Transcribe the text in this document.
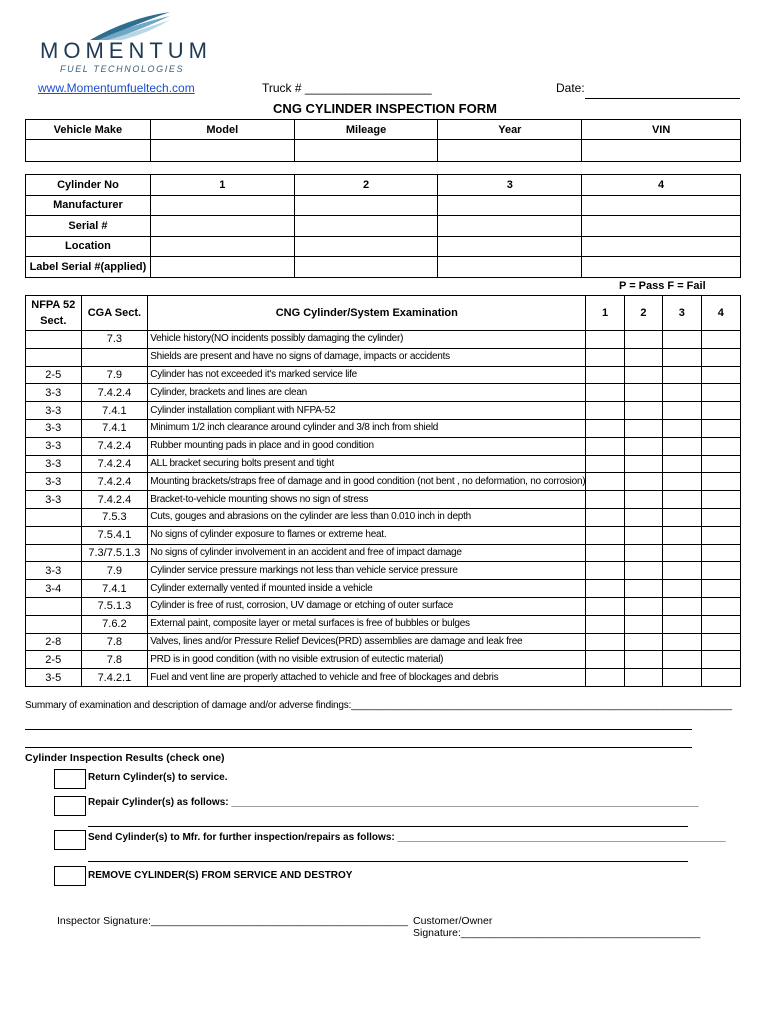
MOMENTUM
FUEL TECHNOLOGIES
www.Momentumfueltech.com	Truck # ___________________	Date:
CNG CYLINDER INSPECTION FORM
Vehicle Make	Model	Mileage	Year	VIN

Cylinder No	1	2	3	4
Manufacturer				
Serial #				
Location				
Label Serial #(applied)				
P = Pass F = Fail
NFPA 52 Sect.	CGA Sect.	CNG Cylinder/System Examination	1	2	3	4
	7.3	Vehicle history(NO incidents possibly damaging the cylinder)				
		Shields are present and have no signs of damage, impacts or accidents				
2-5	7.9	Cylinder has not exceeded it's marked service life				
3-3	7.4.2.4	Cylinder, brackets and lines are clean				
3-3	7.4.1	Cylinder installation compliant with NFPA-52				
3-3	7.4.1	Minimum 1/2 inch clearance around cylinder and 3/8 inch from shield				
3-3	7.4.2.4	Rubber mounting pads in place and in good condition				
3-3	7.4.2.4	ALL bracket securing bolts present and tight				
3-3	7.4.2.4	Mounting brackets/straps free of damage and in good condition (not bent , no deformation, no corrosion)				
3-3	7.4.2.4	Bracket-to-vehicle mounting shows no sign of stress				
	7.5.3	Cuts, gouges and abrasions on the cylinder are less than 0.010 inch in depth				
	7.5.4.1	No signs of cylinder exposure to flames or extreme heat.				
	7.3/7.5.1.3	No signs of cylinder involvement in an accident and free of impact damage				
3-3	7.9	Cylinder service pressure markings not less than vehicle service pressure				
3-4	7.4.1	Cylinder externally vented if mounted inside a vehicle				
	7.5.1.3	Cylinder is free of rust, corrosion, UV damage or etching of outer surface				
	7.6.2	External paint, composite layer or metal surfaces is free of bubbles or bulges				
2-8	7.8	Valves, lines and/or Pressure Relief Devices(PRD) assemblies are damage and leak free				
2-5	7.8	PRD is in good condition (with no visible extrusion of eutectic material)				
3-5	7.4.2.1	Fuel and vent line are properly attached to vehicle and free of blockages and debris				
Summary of examination and description of damage and/or adverse findings:_______________________________________________________________________
Cylinder Inspection Results (check one)
Return Cylinder(s) to service.
Repair Cylinder(s) as follows: ____________________________________________________________________________________
Send Cylinder(s) to Mfr. for further inspection/repairs as follows: ___________________________________________________________
REMOVE CYLINDER(S) FROM SERVICE AND DESTROY
Inspector Signature:____________________________________________ Customer/Owner Signature:_________________________________________
